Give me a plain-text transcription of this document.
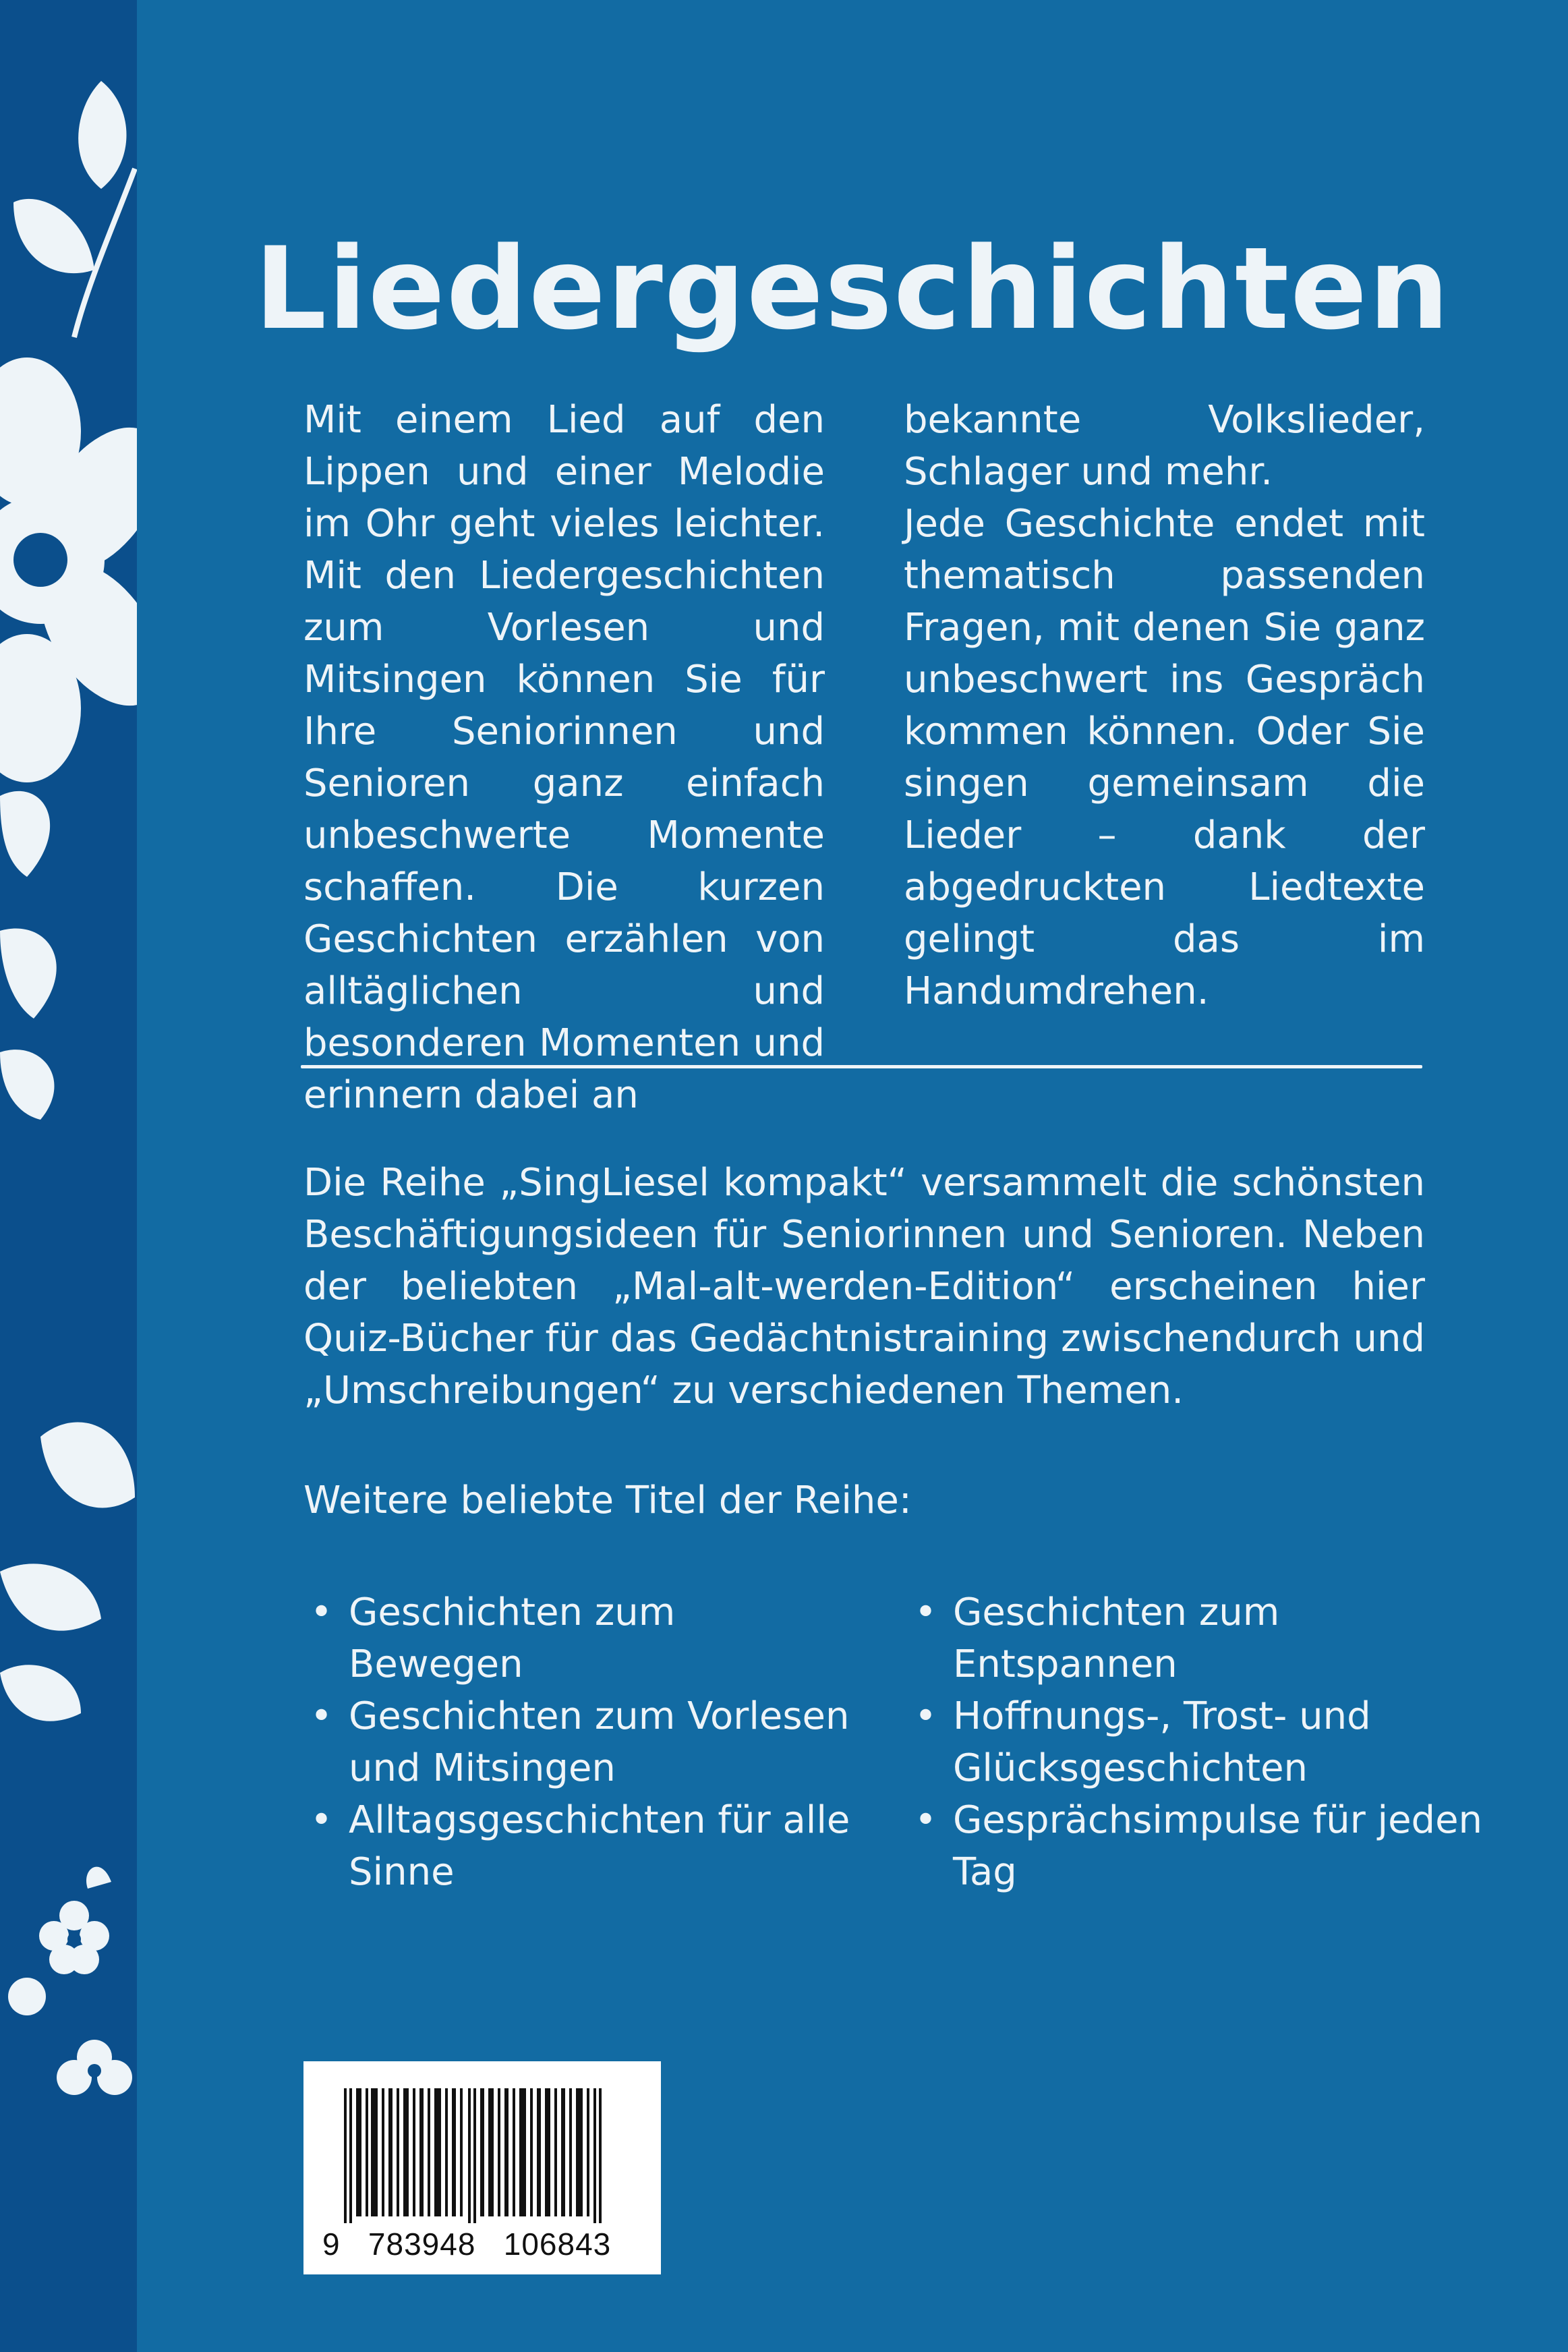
Liedergeschichten

Mit einem Lied auf den Lippen und einer Melodie im Ohr geht vieles leichter. Mit den Liedergeschichten zum Vorlesen und Mitsingen können Sie für Ihre Seniorinnen und Senioren ganz einfach unbeschwerte Momente schaffen. Die kurzen Geschichten erzählen von alltäglichen und besonderen Momenten und erinnern dabei an

bekannte Volkslieder, Schlager und mehr.

Jede Geschichte endet mit thematisch passenden Fragen, mit denen Sie ganz unbeschwert ins Gespräch kommen können. Oder Sie singen gemeinsam die Lieder – dank der abgedruckten Liedtexte gelingt das im Handumdrehen.

Die Reihe „SingLiesel kompakt“ versammelt die schönsten Beschäftigungsideen für Seniorinnen und Senioren. Neben der beliebten „Mal-alt-werden-Edition“ erscheinen hier Quiz-Bücher für das Gedächtnistraining zwischendurch und „Umschreibungen“ zu verschiedenen Themen.

Weitere beliebte Titel der Reihe:

• Geschichten zum Bewegen
• Geschichten zum Vorlesen und Mitsingen
• Alltagsgeschichten für alle Sinne
• Geschichten zum Entspannen
• Hoffnungs-, Trost- und Glücksgeschichten
• Gesprächsimpulse für jeden Tag
9   783948   106843
